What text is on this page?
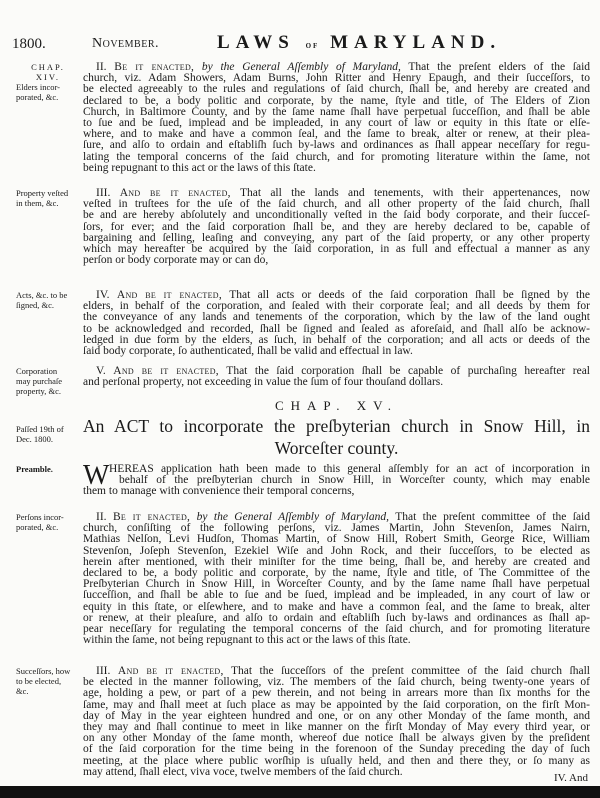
1800.	November.	LAWS of MARYLAND.
CHAP.
XIV.
Elders incor-
porated, &c.
II. Be it enacted, by the General Aſſembly of Maryland, That the preſent elders of the ſaid
church, viz. Adam Showers, Adam Burns, John Ritter and Henry Epaugh, and their ſucceſſors, to
be elected agreeably to the rules and regulations of ſaid church, ſhall be, and hereby are created and
declared to be, a body politic and corporate, by the name, ſtyle and title, of The Elders of Zion
Church, in Baltimore County, and by the ſame name ſhall have perpetual ſucceſſion, and ſhall be able
to ſue and be ſued, implead and be impleaded, in any court of law or equity in this ſtate or elſe-
where, and to make and have a common ſeal, and the ſame to break, alter or renew, at their plea-
ſure, and alſo to ordain and eſtabliſh ſuch by-laws and ordinances as ſhall appear neceſſary for regu-
lating the temporal concerns of the ſaid church, and for promoting literature within the ſame, not
being repugnant to this act or the laws of this ſtate.
Property veſted
in them, &c.
III. And be it enacted, That all the lands and tenements, with their appertenances, now
veſted in truſtees for the uſe of the ſaid church, and all other property of the ſaid church, ſhall
be and are hereby abſolutely and unconditionally veſted in the ſaid body corporate, and their ſucceſ-
ſors, for ever; and the ſaid corporation ſhall be, and they are hereby declared to be, capable of
bargaining and ſelling, leaſing and conveying, any part of the ſaid property, or any other property
which may hereafter be acquired by the ſaid corporation, in as full and effectual a manner as any
perſon or body corporate may or can do,
Acts, &c. to be
ſigned, &c.
IV. And be it enacted, That all acts or deeds of the ſaid corporation ſhall be ſigned by the
elders, in behalf of the corporation, and ſealed with their corporate ſeal; and all deeds by them for
the conveyance of any lands and tenements of the corporation, which by the law of the land ought
to be acknowledged and recorded, ſhall be ſigned and ſealed as aforeſaid, and ſhall alſo be acknow-
ledged in due form by the elders, as ſuch, in behalf of the corporation; and all acts or deeds of the
ſaid body corporate, ſo authenticated, ſhall be valid and effectual in law.
Corporation
may purchaſe
property, &c.
V. And be it enacted, That the ſaid corporation ſhall be capable of purchaſing hereafter real
and perſonal property, not exceeding in value the ſum of four thouſand dollars.
Preamble.	W HEREAS application hath been made to this general aſſembly for an act of incorporation in
behalf of the preſbyterian church in Snow Hill, in Worceſter county, which may enable
them to manage with convenience their temporal concerns,
Perſons incor-
porated, &c.
II. Be it enacted, by the General Aſſembly of Maryland, That the preſent committee of the ſaid
church, conſiſting of the following perſons, viz. James Martin, John Stevenſon, James Nairn,
Mathias Nelſon, Levi Hudſon, Thomas Martin, of Snow Hill, Robert Smith, George Rice, William
Stevenſon, Joſeph Stevenſon, Ezekiel Wiſe and John Rock, and their ſucceſſors, to be elected as
herein after mentioned, with their miniſter for the time being, ſhall be, and hereby are created and
declared to be, a body politic and corporate, by the name, ſtyle and title, of The Committee of the
Preſbyterian Church in Snow Hill, in Worceſter County, and by the ſame name ſhall have perpetual
ſucceſſion, and ſhall be able to ſue and be ſued, implead and be impleaded, in any court of law or
equity in this ſtate, or elſewhere, and to make and have a common ſeal, and the ſame to break, alter
or renew, at their pleaſure, and alſo to ordain and eſtabliſh ſuch by-laws and ordinances as ſhall ap-
pear neceſſary for regulating the temporal concerns of the ſaid church, and for promoting literature
within the ſame, not being repugnant to this act or the laws of this ſtate.
Succeſſors, how
to be elected,
&c.
III. And be it enacted, That the ſucceſſors of the preſent committee of the ſaid church ſhall
be elected in the manner following, viz. The members of the ſaid church, being twenty-one years of
age, holding a pew, or part of a pew therein, and not being in arrears more than ſix months for the
ſame, may and ſhall meet at ſuch place as may be appointed by the ſaid corporation, on the firſt Mon-
day of May in the year eighteen hundred and one, or on any other Monday of the ſame month, and
they may and ſhall continue to meet in like manner on the firſt Monday of May every third year, or
on any other Monday of the ſame month, whereof due notice ſhall be always given by the preſident
of the ſaid corporation for the time being in the forenoon of the Sunday preceding the day of ſuch
meeting, at the place where public worſhip is uſually held, and then and there they, or ſo many as
may attend, ſhall elect, viva voce, twelve members of the ſaid church.
CHAP. XV.
Paſſed 19th of
Dec. 1800.
An ACT to incorporate the preſbyterian church in Snow Hill, in
Worceſter county.
IV. And
